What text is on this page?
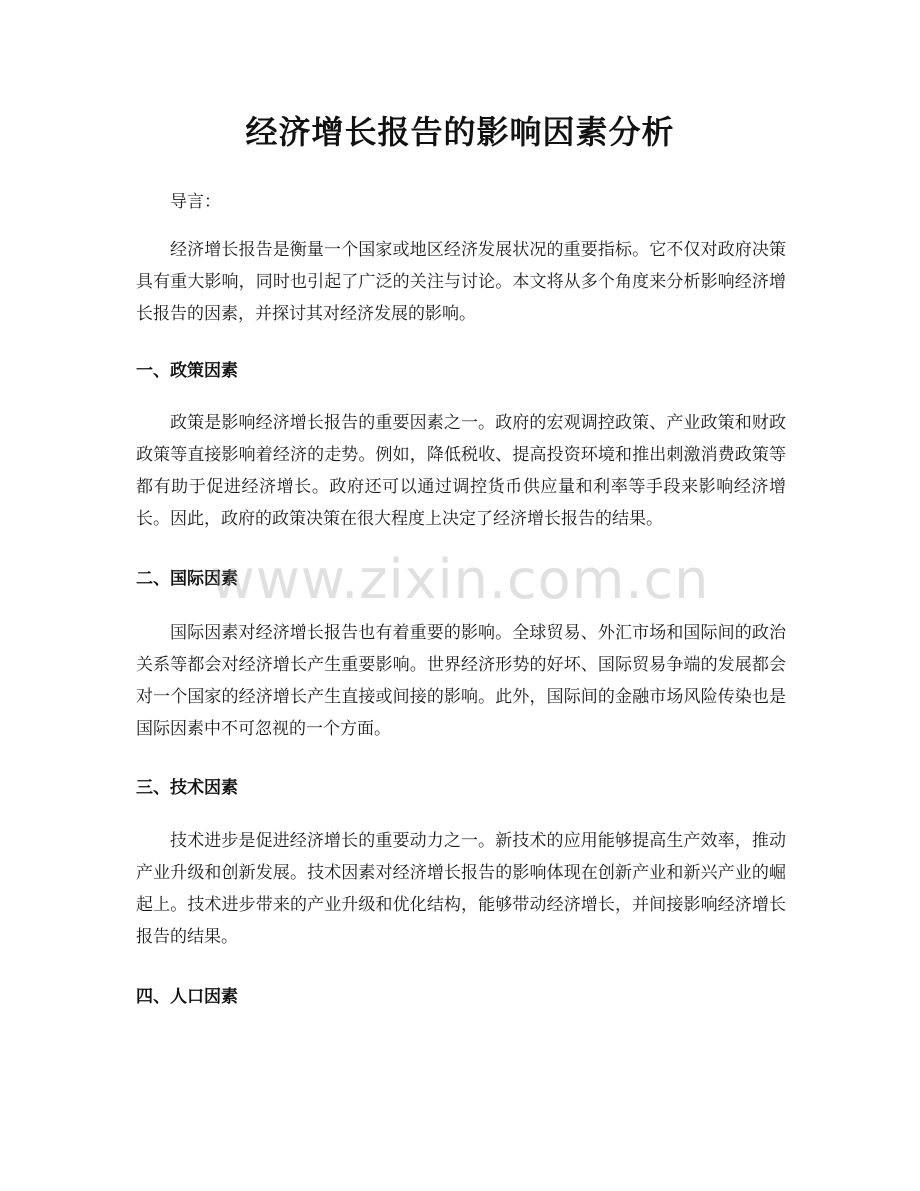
经济增长报告的影响因素分析

导言：

经济增长报告是衡量一个国家或地区经济发展状况的重要指标。它不仅对政府决策具有重大影响，同时也引起了广泛的关注与讨论。本文将从多个角度来分析影响经济增长报告的因素，并探讨其对经济发展的影响。

一、政策因素

政策是影响经济增长报告的重要因素之一。政府的宏观调控政策、产业政策和财政政策等直接影响着经济的走势。例如，降低税收、提高投资环境和推出刺激消费政策等都有助于促进经济增长。政府还可以通过调控货币供应量和利率等手段来影响经济增长。因此，政府的政策决策在很大程度上决定了经济增长报告的结果。

二、国际因素

国际因素对经济增长报告也有着重要的影响。全球贸易、外汇市场和国际间的政治关系等都会对经济增长产生重要影响。世界经济形势的好坏、国际贸易争端的发展都会对一个国家的经济增长产生直接或间接的影响。此外，国际间的金融市场风险传染也是国际因素中不可忽视的一个方面。

三、技术因素

技术进步是促进经济增长的重要动力之一。新技术的应用能够提高生产效率，推动产业升级和创新发展。技术因素对经济增长报告的影响体现在创新产业和新兴产业的崛起上。技术进步带来的产业升级和优化结构，能够带动经济增长，并间接影响经济增长报告的结果。

四、人口因素

www.zixin.com.cn
